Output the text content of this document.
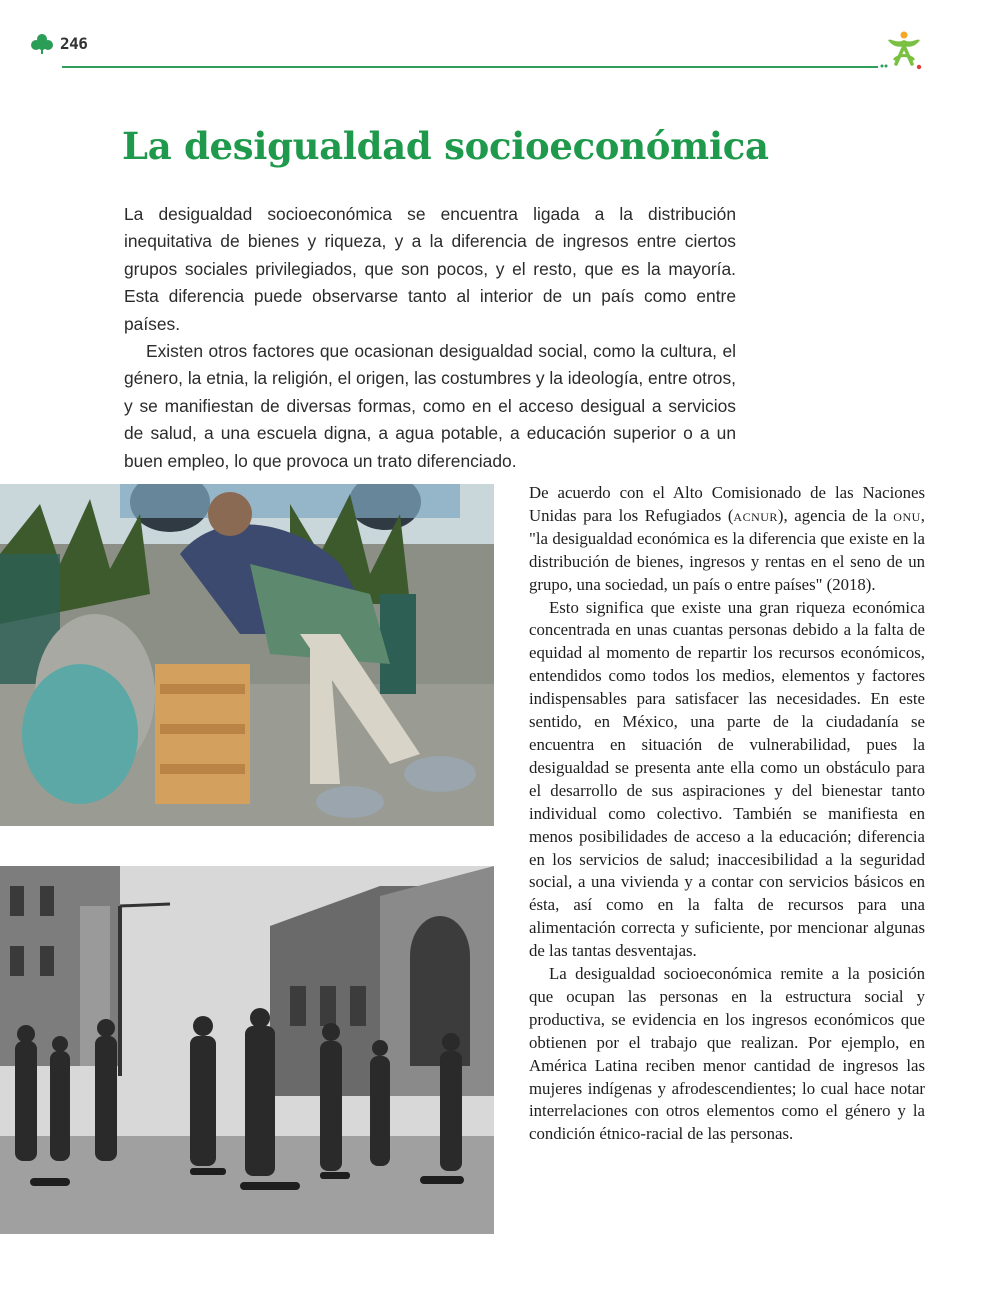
246
La desigualdad socioeconómica

La desigualdad socioeconómica se encuentra ligada a la distribución inequitativa de bienes y riqueza, y a la diferencia de ingresos entre ciertos grupos sociales privilegiados, que son pocos, y el resto, que es la mayoría. Esta diferencia puede observarse tanto al interior de un país como entre países.

Existen otros factores que ocasionan desigualdad social, como la cultura, el género, la etnia, la religión, el origen, las costumbres y la ideología, entre otros, y se manifiestan de diversas formas, como en el acceso desigual a servicios de salud, a una escuela digna, a agua potable, a educación superior o a un buen empleo, lo que provoca un trato diferenciado.

De acuerdo con el Alto Comisionado de las Naciones Unidas para los Refugiados (acnur), agencia de la onu, "la desigualdad económica es la diferencia que existe en la distribución de bienes, ingresos y rentas en el seno de un grupo, una sociedad, un país o entre países" (2018).

Esto significa que existe una gran riqueza económica concentrada en unas cuantas personas debido a la falta de equidad al momento de repartir los recursos económicos, entendidos como todos los medios, elementos y factores indispensables para satisfacer las necesidades. En este sentido, en México, una parte de la ciudadanía se encuentra en situación de vulnerabilidad, pues la desigualdad se presenta ante ella como un obstáculo para el desarrollo de sus aspiraciones y del bienestar tanto individual como colectivo. También se manifiesta en menos posibilidades de acceso a la educación; diferencia en los servicios de salud; inaccesibilidad a la seguridad social, a una vivienda y a contar con servicios básicos en ésta, así como en la falta de recursos para una alimentación correcta y suficiente, por mencionar algunas de las tantas desventajas.

La desigualdad socioeconómica remite a la posición que ocupan las personas en la estructura social y productiva, se evidencia en los ingresos económicos que obtienen por el trabajo que realizan. Por ejemplo, en América Latina reciben menor cantidad de ingresos las mujeres indígenas y afrodescendientes; lo cual hace notar interrelaciones con otros elementos como el género y la condición étnico-racial de las personas.
